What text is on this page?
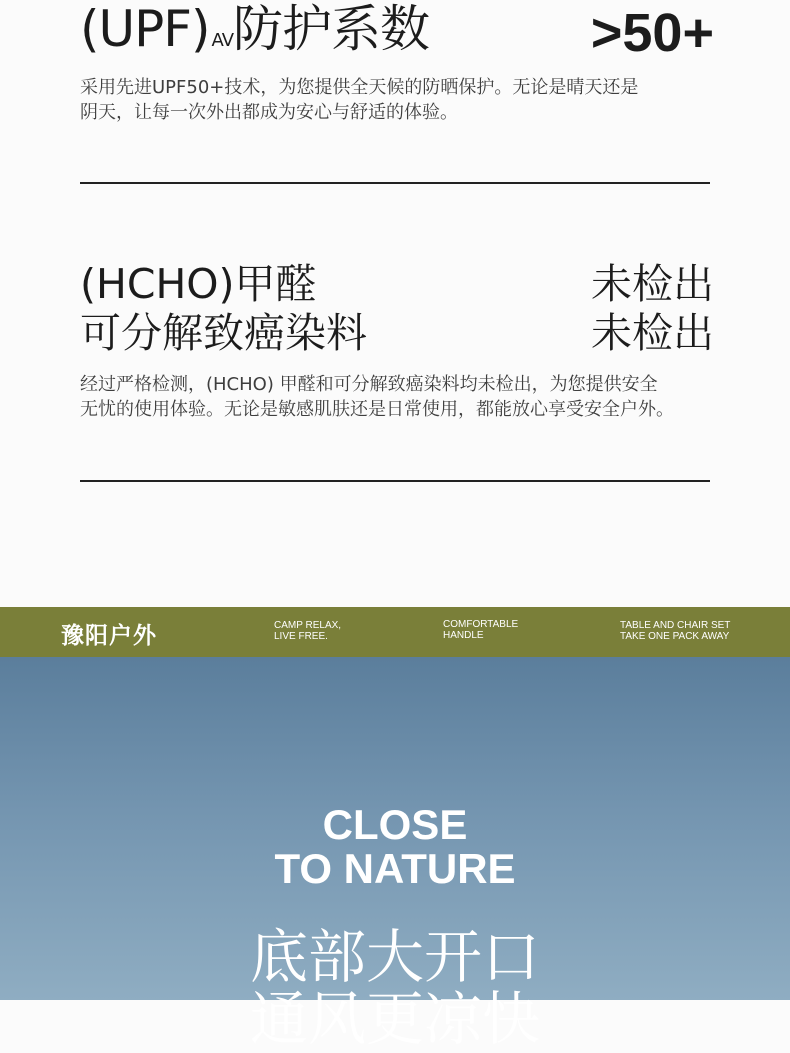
(UPF) AV防护系数	>50+
采用先进UPF50+技术，为您提供全天候的防晒保护。无论是晴天还是
阴天，让每一次外出都成为安心与舒适的体验。
(HCHO)甲醛	未检出
可分解致癌染料	未检出
经过严格检测，(HCHO) 甲醛和可分解致癌染料均未检出，为您提供安全
无忧的使用体验。无论是敏感肌肤还是日常使用，都能放心享受安全户外。
豫阳户外	CAMP RELAX,
LIVE FREE.
COMFORTABLE
HANDLE
TABLE AND CHAIR SET
TAKE ONE PACK AWAY
CLOSE
TO NATURE
底部大开口
通风更凉快
